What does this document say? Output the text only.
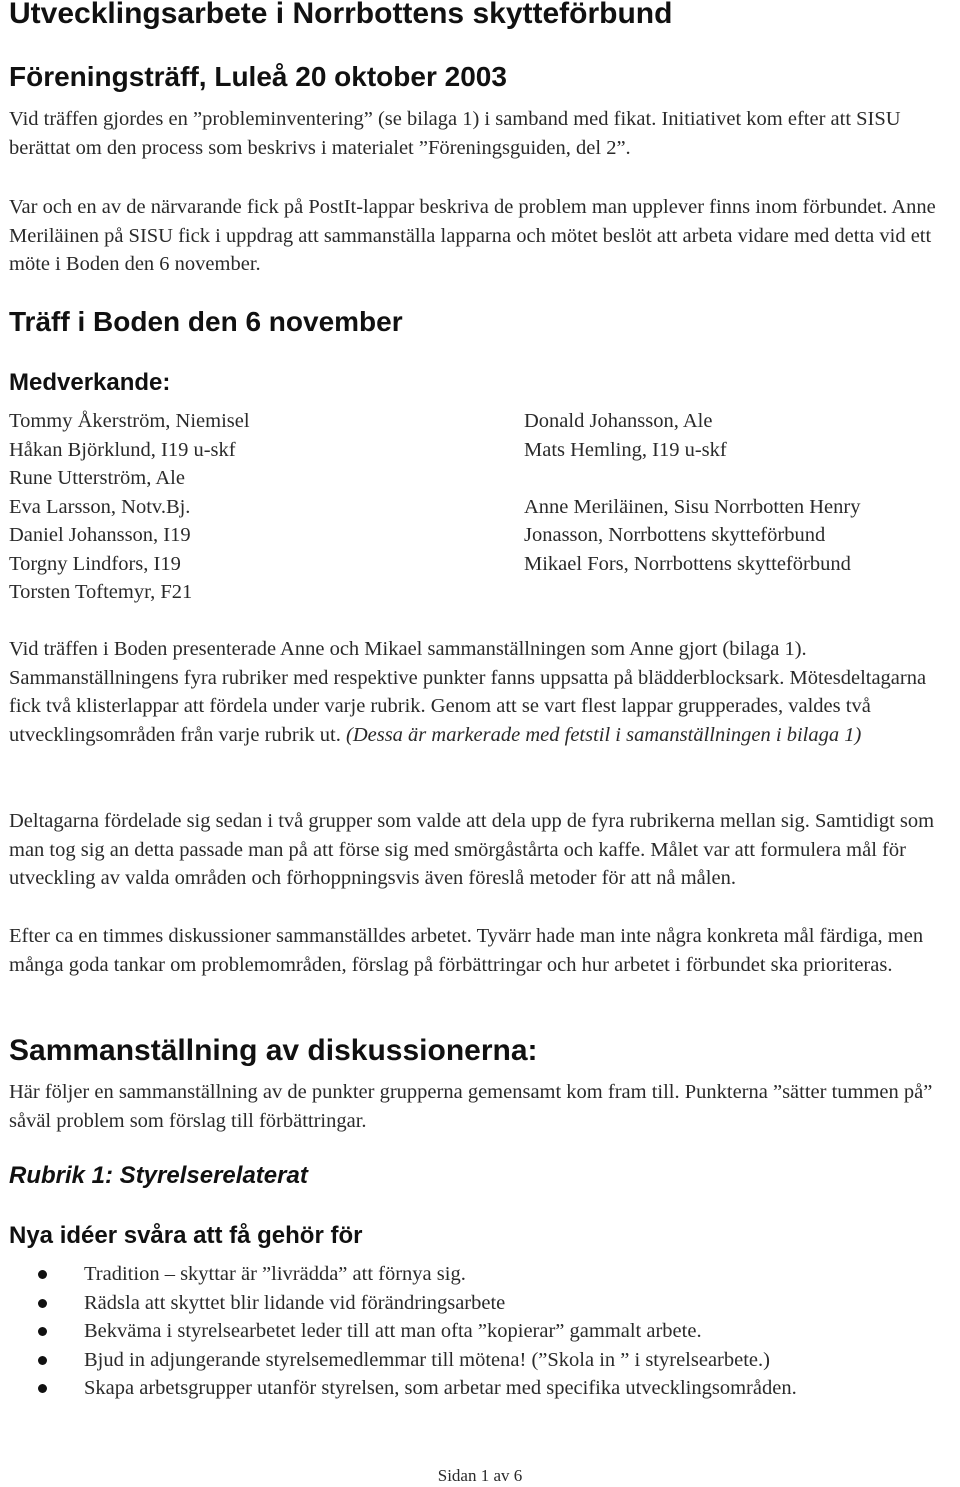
Utvecklingsarbete i Norrbottens skytteförbund
Föreningsträff, Luleå 20 oktober 2003

Vid träffen gjordes en ”probleminventering” (se bilaga 1) i samband med fikat. Initiativet kom efter att SISU berättat om den process som beskrivs i materialet ”Föreningsguiden, del 2”.

Var och en av de närvarande fick på PostIt-lappar beskriva de problem man upplever finns inom förbundet. Anne Meriläinen på SISU fick i uppdrag att sammanställa lapparna och mötet beslöt att arbeta vidare med detta vid ett möte i Boden den 6 november.

Träff i Boden den 6 november
Medverkande:
Tommy Åkerström, Niemisel
Håkan Björklund, I19 u-skf
Rune Utterström, Ale
Eva Larsson, Notv.Bj.
Daniel Johansson, I19
Torgny Lindfors, I19
Torsten Toftemyr, F21
Donald Johansson, Ale
Mats Hemling, I19 u-skf
Anne Meriläinen, Sisu Norrbotten Henry
Jonasson, Norrbottens skytteförbund
Mikael Fors, Norrbottens skytteförbund

Vid träffen i Boden presenterade Anne och Mikael sammanställningen som Anne gjort (bilaga 1). Sammanställningens fyra rubriker med respektive punkter fanns uppsatta på blädderblocksark. Mötesdeltagarna fick två klisterlappar att fördela under varje rubrik. Genom att se vart flest lappar grupperades, valdes två utvecklingsområden från varje rubrik ut. (Dessa är markerade med fetstil i samanställningen i bilaga 1)

Deltagarna fördelade sig sedan i två grupper som valde att dela upp de fyra rubrikerna mellan sig. Samtidigt som man tog sig an detta passade man på att förse sig med smörgåstårta och kaffe. Målet var att formulera mål för utveckling av valda områden och förhoppningsvis även föreslå metoder för att nå målen.

Efter ca en timmes diskussioner sammanställdes arbetet. Tyvärr hade man inte några konkreta mål färdiga, men många goda tankar om problemområden, förslag på förbättringar och hur arbetet i förbundet ska prioriteras.

Sammanställning av diskussionerna:

Här följer en sammanställning av de punkter grupperna gemensamt kom fram till. Punkterna ”sätter tummen på” såväl problem som förslag till förbättringar.

Rubrik 1: Styrelserelaterat
Nya idéer svåra att få gehör för
Tradition – skyttar är ”livrädda” att förnya sig.
Rädsla att skyttet blir lidande vid förändringsarbete
Bekväma i styrelsearbetet leder till att man ofta ”kopierar” gammalt arbete.
Bjud in adjungerande styrelsemedlemmar till mötena! (”Skola in ” i styrelsearbete.)
Skapa arbetsgrupper utanför styrelsen, som arbetar med specifika utvecklingsområden.
Sidan 1 av 6
